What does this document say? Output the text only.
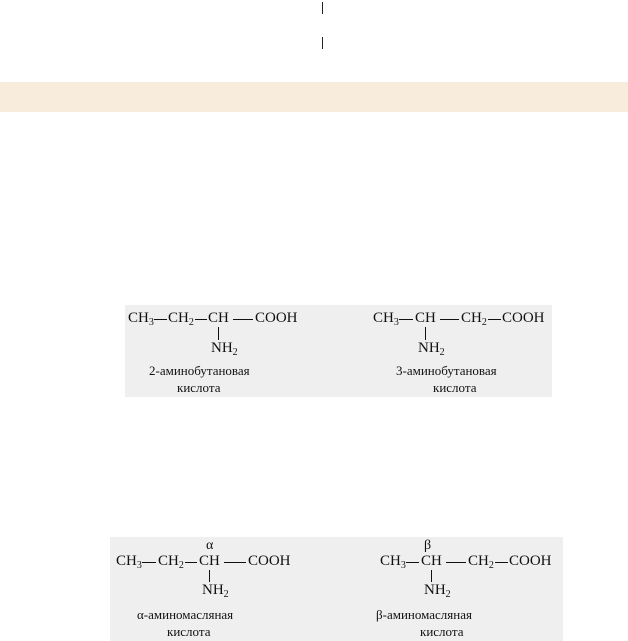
$CH_3$ $CH_2$ CH COOH
$NH_2$
2-аминобутановая
кислота
$CH_3$ CH $CH_2$ COOH
$NH_2$
3-аминобутановая
кислота
α
$CH_3$ $CH_2$ CH COOH
$NH_2$
α-аминомасляная
кислота
β
$CH_3$ CH $CH_2$ COOH
$NH_2$
β-аминомасляная
кислота
